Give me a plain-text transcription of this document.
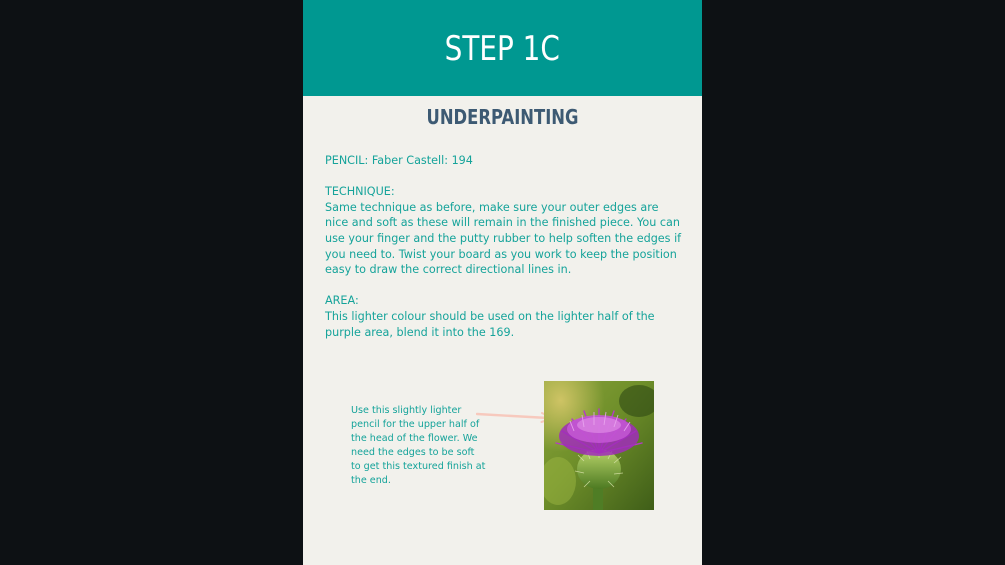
STEP 1C
UNDERPAINTING

PENCIL: Faber Castell: 194

TECHNIQUE:

Same technique as before, make sure your outer edges are nice and soft as these will remain in the finished piece. You can use your finger and the putty rubber to help soften the edges if you need to. Twist your board as you work to keep the position easy to draw the correct directional lines in.

AREA:

This lighter colour should be used on the lighter half of the purple area, blend it into the 169.

Use this slightly lighter pencil for the upper half of the head of the flower. We need the edges to be soft to get this textured finish at the end.
